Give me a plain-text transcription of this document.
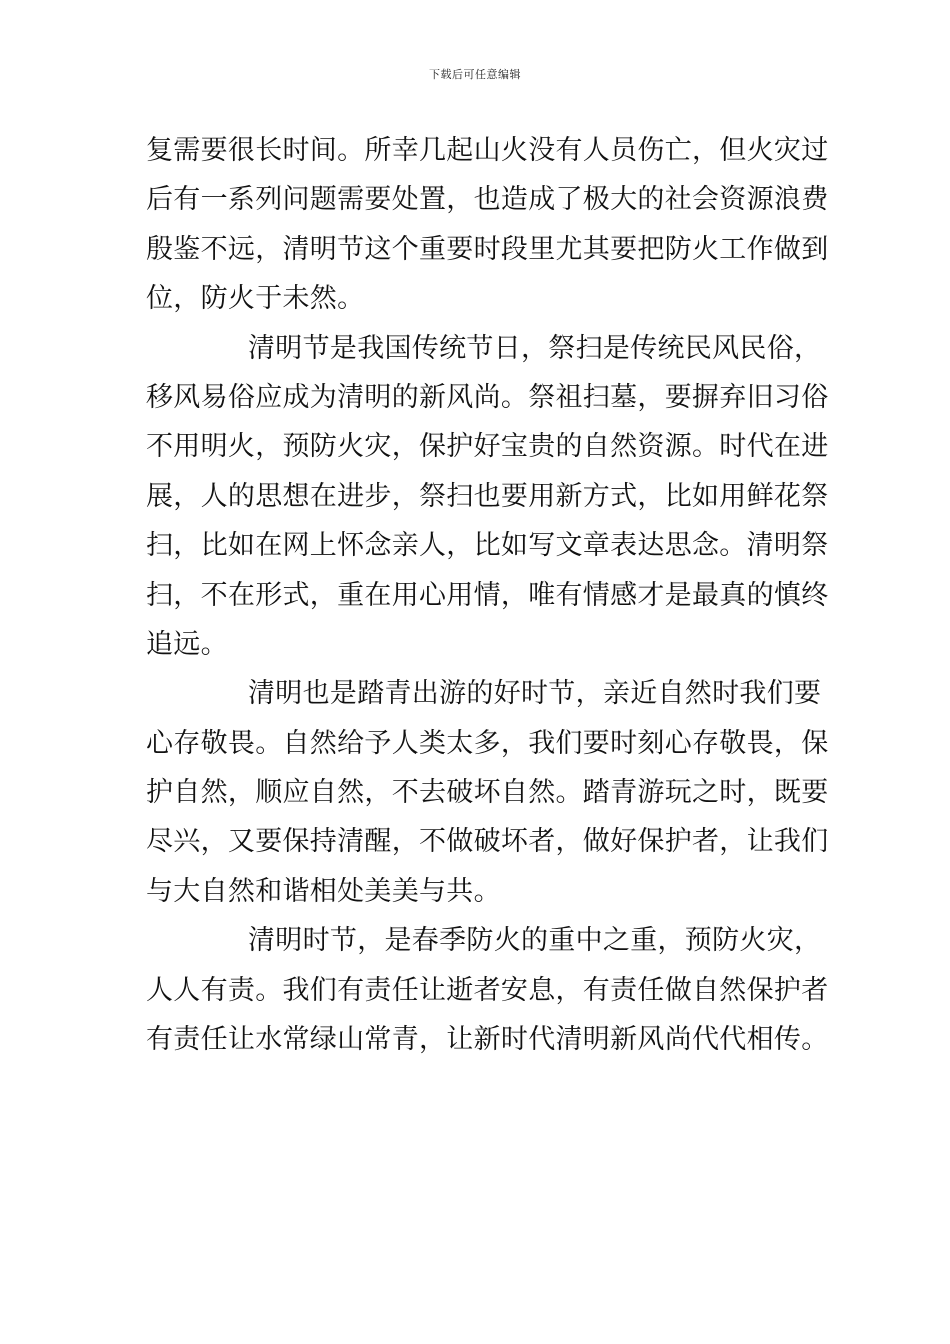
下载后可任意编辑
复需要很长时间。所幸几起山火没有人员伤亡，但火灾过
后有一系列问题需要处置，也造成了极大的社会资源浪费
殷鉴不远，清明节这个重要时段里尤其要把防火工作做到
位，防火于未然。
清明节是我国传统节日，祭扫是传统民风民俗，
移风易俗应成为清明的新风尚。祭祖扫墓，要摒弃旧习俗
不用明火，预防火灾，保护好宝贵的自然资源。时代在进
展，人的思想在进步，祭扫也要用新方式，比如用鲜花祭
扫，比如在网上怀念亲人，比如写文章表达思念。清明祭
扫，不在形式，重在用心用情，唯有情感才是最真的慎终
追远。
清明也是踏青出游的好时节，亲近自然时我们要
心存敬畏。自然给予人类太多，我们要时刻心存敬畏，保
护自然，顺应自然，不去破坏自然。踏青游玩之时，既要
尽兴，又要保持清醒，不做破坏者，做好保护者，让我们
与大自然和谐相处美美与共。
清明时节，是春季防火的重中之重，预防火灾，
人人有责。我们有责任让逝者安息，有责任做自然保护者
有责任让水常绿山常青，让新时代清明新风尚代代相传。
